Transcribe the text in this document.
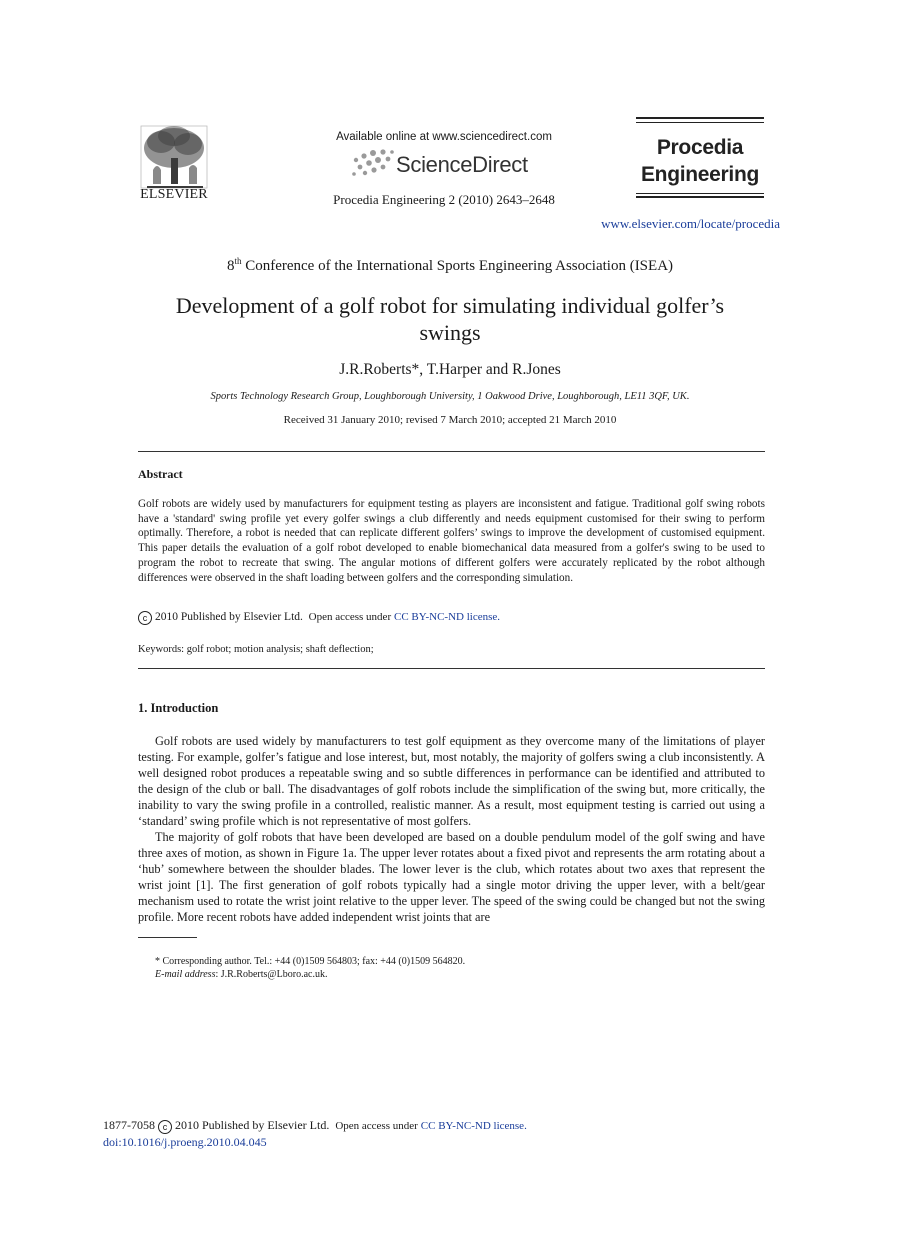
ELSEVIER
Available online at www.sciencedirect.com
ScienceDirect
Procedia Engineering 2 (2010) 2643–2648
Procedia
Engineering
www.elsevier.com/locate/procedia
8th Conference of the International Sports Engineering Association (ISEA)
Development of a golf robot for simulating individual golfer’s
swings
J.R.Roberts*, T.Harper and R.Jones
Sports Technology Research Group, Loughborough University, 1 Oakwood Drive, Loughborough, LE11 3QF, UK.
Received 31 January 2010; revised 7 March 2010; accepted 21 March 2010
Abstract
Golf robots are widely used by manufacturers for equipment testing as players are inconsistent and fatigue. Traditional golf swing robots have a 'standard' swing profile yet every golfer swings a club differently and needs equipment customised for their swing to perform optimally. Therefore, a robot is needed that can replicate different golfers’ swings to improve the development of customised equipment. This paper details the evaluation of a golf robot developed to enable biomechanical data measured from a golfer's swing to be used to program the robot to recreate that swing. The angular motions of different golfers were accurately replicated by the robot although differences were observed in the shaft loading between golfers and the corresponding simulation.
c 2010 Published by Elsevier Ltd. Open access under CC BY-NC-ND license.
Keywords: golf robot; motion analysis; shaft deflection;
1. Introduction
Golf robots are used widely by manufacturers to test golf equipment as they overcome many of the limitations of player testing. For example, golfer’s fatigue and lose interest, but, most notably, the majority of golfers swing a club inconsistently. A well designed robot produces a repeatable swing and so subtle differences in performance can be identified and attributed to the design of the club or ball. The disadvantages of golf robots include the simplification of the swing but, more critically, the inability to vary the swing profile in a controlled, realistic manner. As a result, most equipment testing is carried out using a ‘standard’ swing profile which is not representative of most golfers.
The majority of golf robots that have been developed are based on a double pendulum model of the golf swing and have three axes of motion, as shown in Figure 1a. The upper lever rotates about a fixed pivot and represents the arm rotating about a ‘hub’ somewhere between the shoulder blades. The lower lever is the club, which rotates about two axes that represent the wrist joint [1]. The first generation of golf robots typically had a single motor driving the upper lever, with a belt/gear mechanism used to rotate the wrist joint relative to the upper lever. The speed of the swing could be changed but not the swing profile. More recent robots have added independent wrist joints that are
* Corresponding author. Tel.: +44 (0)1509 564803; fax: +44 (0)1509 564820.
E-mail address: J.R.Roberts@Lboro.ac.uk.
1877-7058 c 2010 Published by Elsevier Ltd. Open access under CC BY-NC-ND license.
doi:10.1016/j.proeng.2010.04.045
